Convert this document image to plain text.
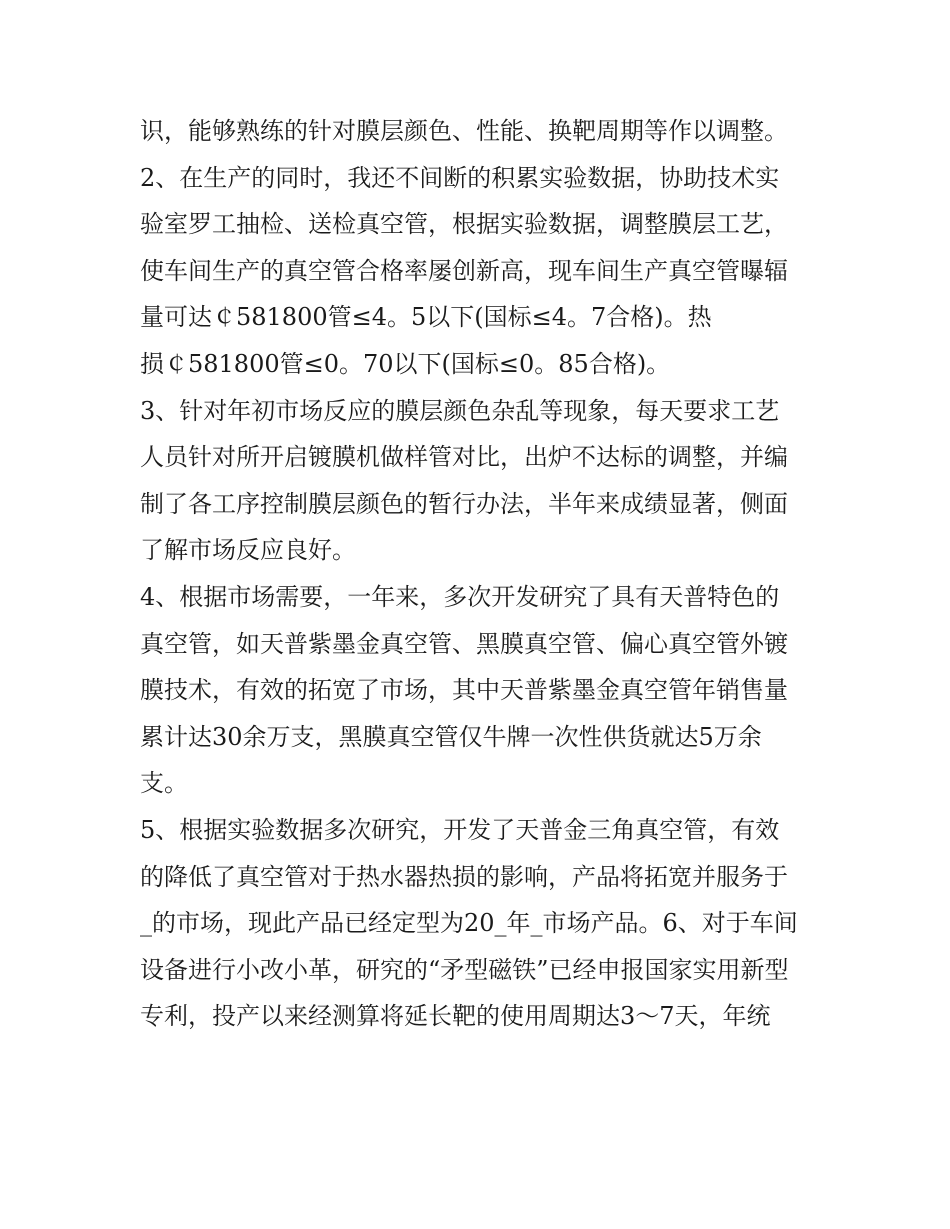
识，能够熟练的针对膜层颜色、性能、换靶周期等作以调整。
2、在生产的同时，我还不间断的积累实验数据，协助技术实
验室罗工抽检、送检真空管，根据实验数据，调整膜层工艺，
使车间生产的真空管合格率屡创新高，现车间生产真空管曝辐
量可达￠581800管≤4。5以下(国标≤4。7合格)。热
损￠581800管≤0。70以下(国标≤0。85合格)。
3、针对年初市场反应的膜层颜色杂乱等现象，每天要求工艺
人员针对所开启镀膜机做样管对比，出炉不达标的调整，并编
制了各工序控制膜层颜色的暂行办法，半年来成绩显著，侧面
了解市场反应良好。
4、根据市场需要，一年来，多次开发研究了具有天普特色的
真空管，如天普紫墨金真空管、黑膜真空管、偏心真空管外镀
膜技术，有效的拓宽了市场，其中天普紫墨金真空管年销售量
累计达30余万支，黑膜真空管仅牛牌一次性供货就达5万余
支。
5、根据实验数据多次研究，开发了天普金三角真空管，有效
的降低了真空管对于热水器热损的影响，产品将拓宽并服务于
_的市场，现此产品已经定型为20_年_市场产品。6、对于车间
设备进行小改小革，研究的“矛型磁铁”已经申报国家实用新型
专利，投产以来经测算将延长靶的使用周期达3～7天，年统
